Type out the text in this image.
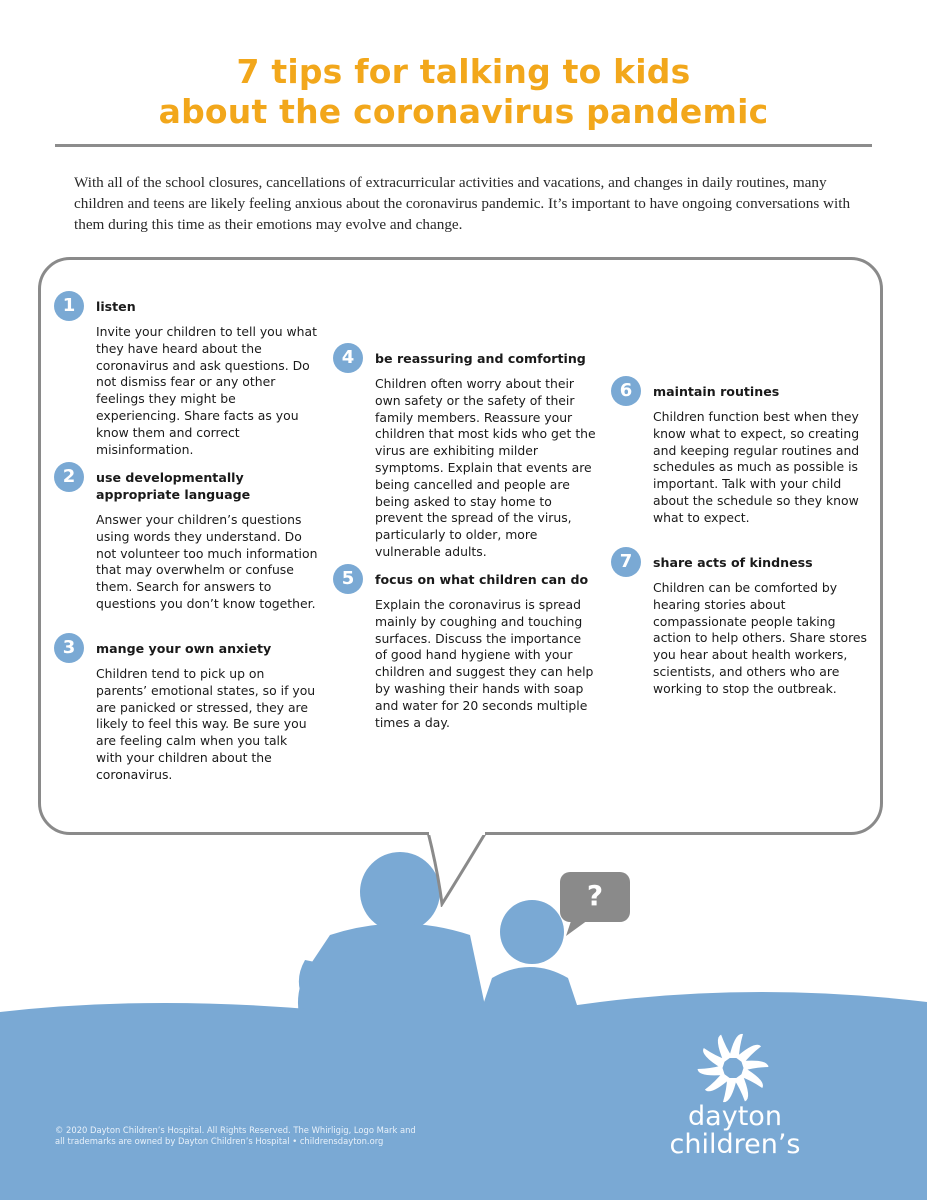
7 tips for talking to kids
about the coronavirus pandemic

With all of the school closures, cancellations of extracurricular activities and vacations, and changes in daily routines, many children and teens are likely feeling anxious about the coronavirus pandemic. It’s important to have ongoing conversations with them during this time as their emotions may evolve and change.

?
1	listen

Invite your children to tell you what they have heard about the coronavirus and ask questions. Do not dismiss fear or any other feelings they might be experiencing. Share facts as you know them and correct misinformation.

2	use developmentally appropriate language

Answer your children’s questions using words they understand. Do not volunteer too much information that may overwhelm or confuse them. Search for answers to questions you don’t know together.

3	mange your own anxiety

Children tend to pick up on parents’ emotional states, so if you are panicked or stressed, they are likely to feel this way. Be sure you are feeling calm when you talk with your children about the coronavirus.

4	be reassuring and comforting

Children often worry about their own safety or the safety of their family members. Reassure your children that most kids who get the virus are exhibiting milder symptoms. Explain that events are being cancelled and people are being asked to stay home to prevent the spread of the virus, particularly to older, more vulnerable adults.

5	focus on what children can do

Explain the coronavirus is spread mainly by coughing and touching surfaces. Discuss the importance of good hand hygiene with your children and suggest they can help by washing their hands with soap and water for 20 seconds multiple times a day.

6	maintain routines

Children function best when they know what to expect, so creating and keeping regular routines and schedules as much as possible is important. Talk with your child about the schedule so they know what to expect.

7	share acts of kindness

Children can be comforted by hearing stories about compassionate people taking action to help others. Share stores you hear about health workers, scientists, and others who are working to stop the outbreak.

© 2020 Dayton Children’s Hospital. All Rights Reserved. The Whirligig, Logo Mark and
all trademarks are owned by Dayton Children’s Hospital • childrensdayton.org

dayton
children’s
